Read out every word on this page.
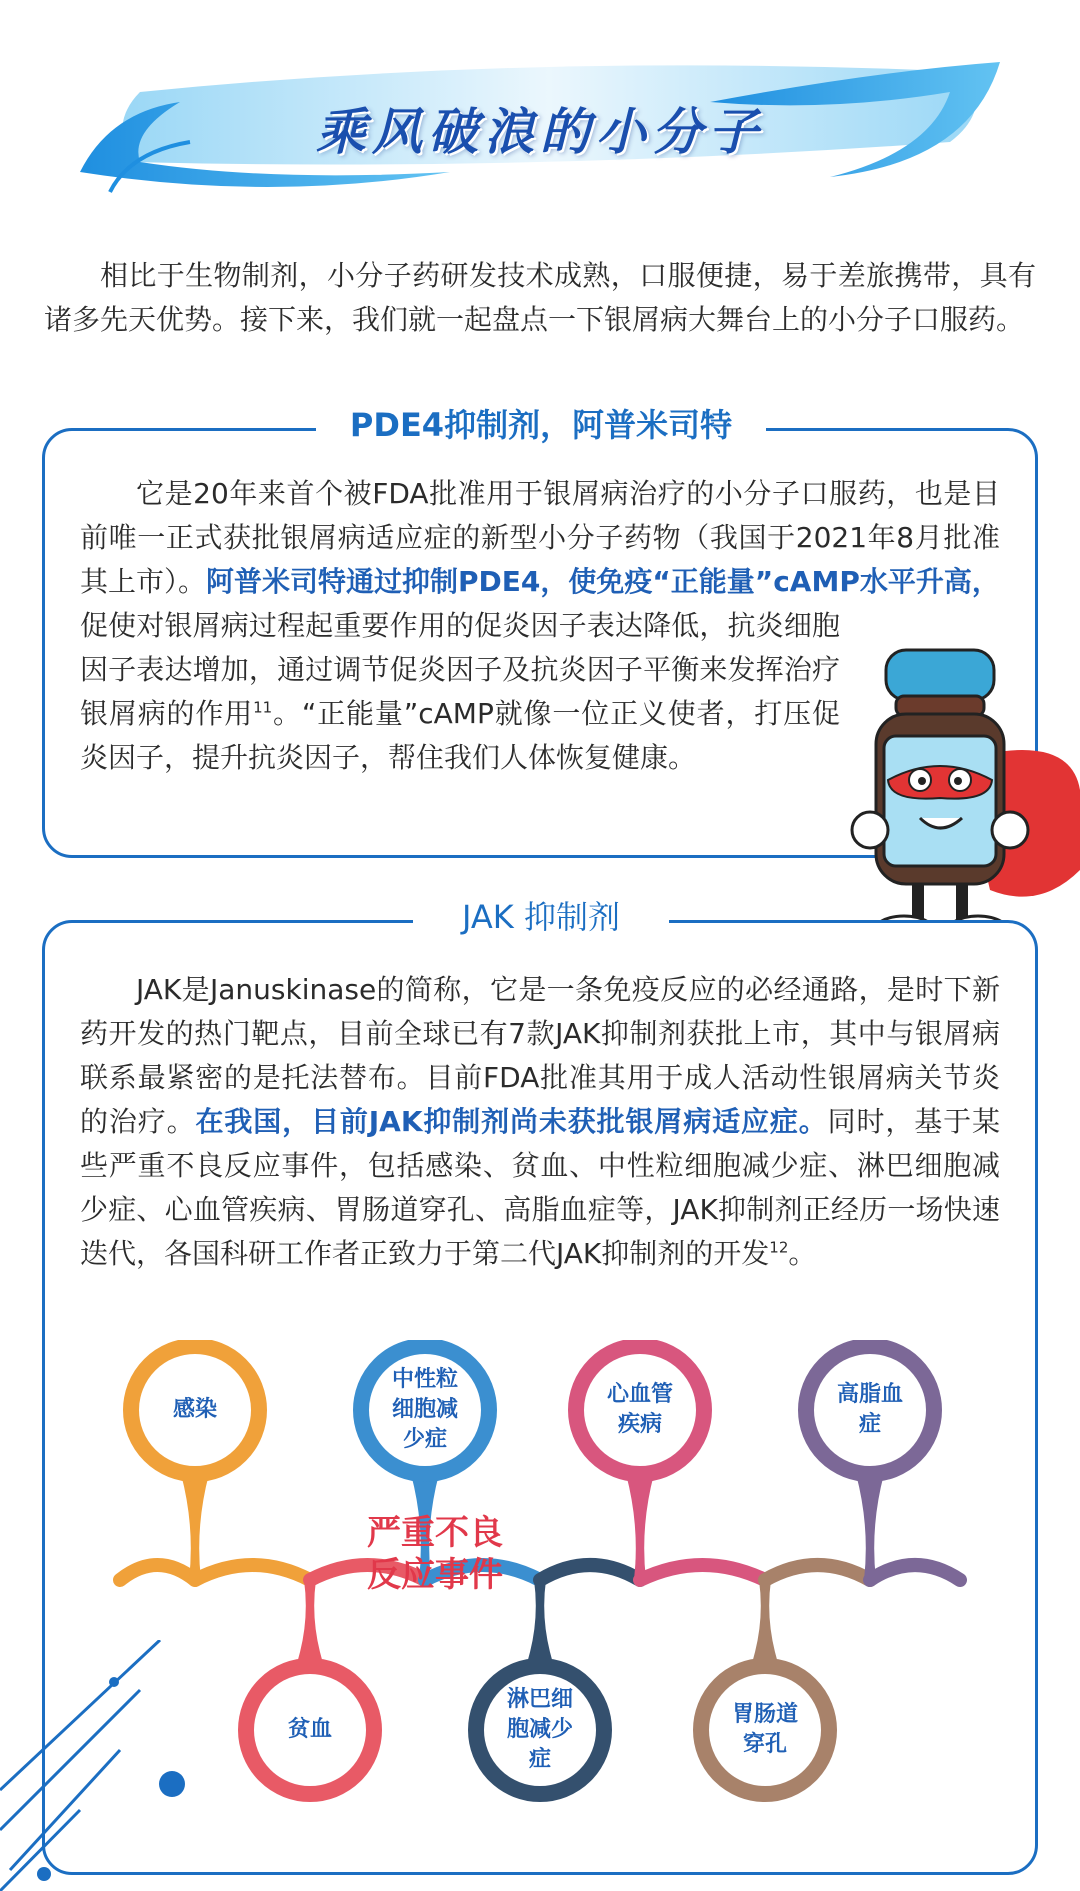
乘风破浪的小分子

相比于生物制剂，小分子药研发技术成熟，口服便捷，易于差旅携带，具有诸多先天优势。接下来，我们就一起盘点一下银屑病大舞台上的小分子口服药。

PDE4抑制剂，阿普米司特

它是20年来首个被FDA批准用于银屑病治疗的小分子口服药，也是目前唯一正式获批银屑病适应症的新型小分子药物（我国于2021年8月批准其上市）。阿普米司特通过抑制PDE4，使免疫“正能量”cAMP水平升高，

促使对银屑病过程起重要作用的促炎因子表达降低，抗炎细胞因子表达增加，通过调节促炎因子及抗炎因子平衡来发挥治疗银屑病的作用$^{11}$。“正能量”cAMP就像一位正义使者，打压促炎因子，提升抗炎因子，帮住我们人体恢复健康。

JAK 抑制剂

JAK是Januskinase的简称，它是一条免疫反应的必经通路，是时下新药开发的热门靶点，目前全球已有7款JAK抑制剂获批上市，其中与银屑病联系最紧密的是托法替布。目前FDA批准其用于成人活动性银屑病关节炎的治疗。在我国，目前JAK抑制剂尚未获批银屑病适应症。同时，基于某些严重不良反应事件，包括感染、贫血、中性粒细胞减少症、淋巴细胞减少症、心血管疾病、胃肠道穿孔、高脂血症等，JAK抑制剂正经历一场快速迭代，各国科研工作者正致力于第二代JAK抑制剂的开发$^{12}$。

感染
中性粒
细胞减
少症
心血管
疾病
高脂血
症
贫血
淋巴细
胞减少
症
胃肠道
穿孔
严重不良
反应事件
